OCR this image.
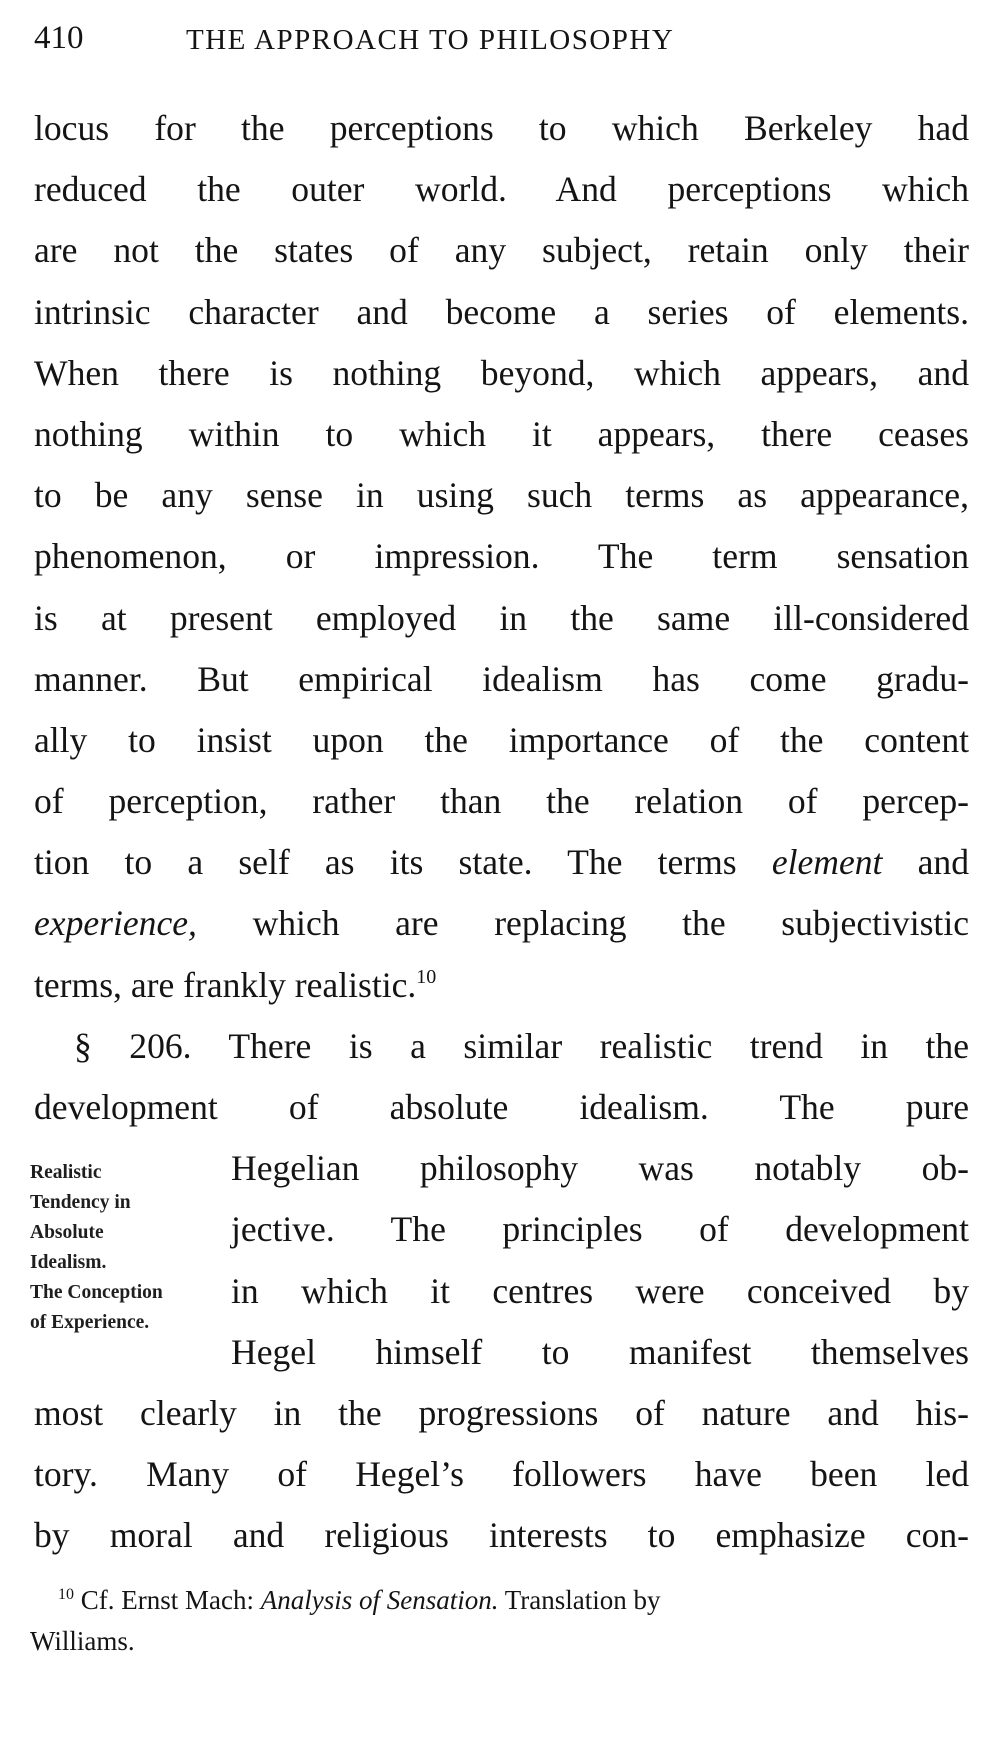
410	THE APPROACH TO PHILOSOPHY
locus for the perceptions to which Berkeley had
reduced the outer world. And perceptions which
are not the states of any subject, retain only their
intrinsic character and become a series of elements.
When there is nothing beyond, which appears, and
nothing within to which it appears, there ceases
to be any sense in using such terms as appearance,
phenomenon, or impression. The term sensation
is at present employed in the same ill-considered
manner. But empirical idealism has come gradu-
ally to insist upon the importance of the content
of perception, rather than the relation of percep-
tion to a self as its state. The terms element and
experience, which are replacing the subjectivistic
terms, are frankly realistic.$^{10}$
§ 206. There is a similar realistic trend in the
development of absolute idealism. The pure
Hegelian philosophy was notably ob-
jective. The principles of development
in which it centres were conceived by
Hegel himself to manifest themselves
most clearly in the progressions of nature and his-
tory. Many of Hegel’s followers have been led
by moral and religious interests to emphasize con-
Realistic
Tendency in
Absolute
Idealism.
The Conception
of Experience.
$^{10}$ Cf. Ernst Mach: Analysis of Sensation. Translation by
Williams.
